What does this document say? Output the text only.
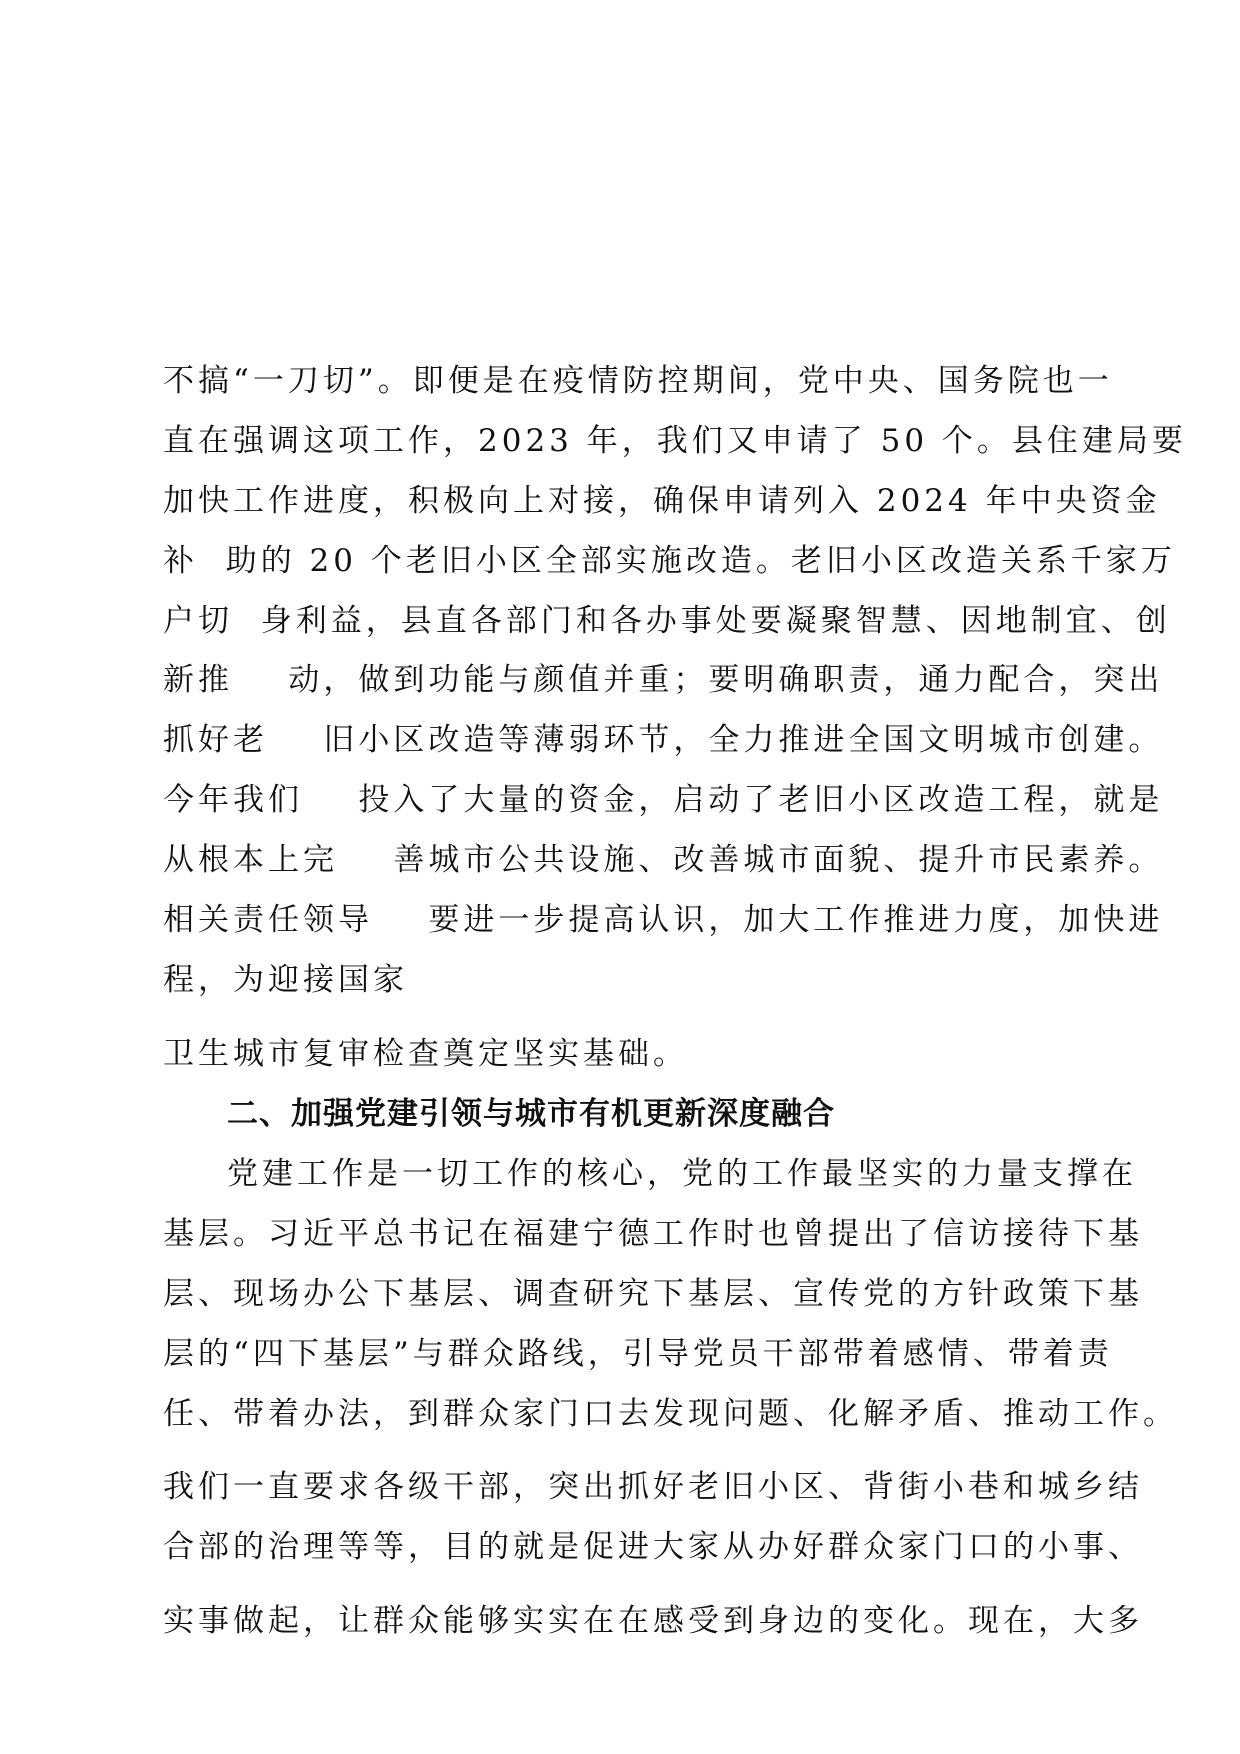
不搞“一刀切”。即便是在疫情防控期间，党中央、国务院也一
直在强调这项工作，2023 年，我们又申请了 50 个。县住建局要
加快工作进度，积极向上对接，确保申请列入 2024 年中央资金
补  助的 20 个老旧小区全部实施改造。老旧小区改造关系千家万
户切  身利益，县直各部门和各办事处要凝聚智慧、因地制宜、创
新推    动，做到功能与颜值并重；要明确职责，通力配合，突出
抓好老    旧小区改造等薄弱环节，全力推进全国文明城市创建。
今年我们    投入了大量的资金，启动了老旧小区改造工程，就是
从根本上完    善城市公共设施、改善城市面貌、提升市民素养。
相关责任领导    要进一步提高认识，加大工作推进力度，加快进
程，为迎接国家
卫生城市复审检查奠定坚实基础。
二、加强党建引领与城市有机更新深度融合
党建工作是一切工作的核心，党的工作最坚实的力量支撑在
基层。习近平总书记在福建宁德工作时也曾提出了信访接待下基
层、现场办公下基层、调查研究下基层、宣传党的方针政策下基
层的“四下基层”与群众路线，引导党员干部带着感情、带着责
任、带着办法，到群众家门口去发现问题、化解矛盾、推动工作。
我们一直要求各级干部，突出抓好老旧小区、背街小巷和城乡结
合部的治理等等，目的就是促进大家从办好群众家门口的小事、
实事做起，让群众能够实实在在感受到身边的变化。现在，大多
